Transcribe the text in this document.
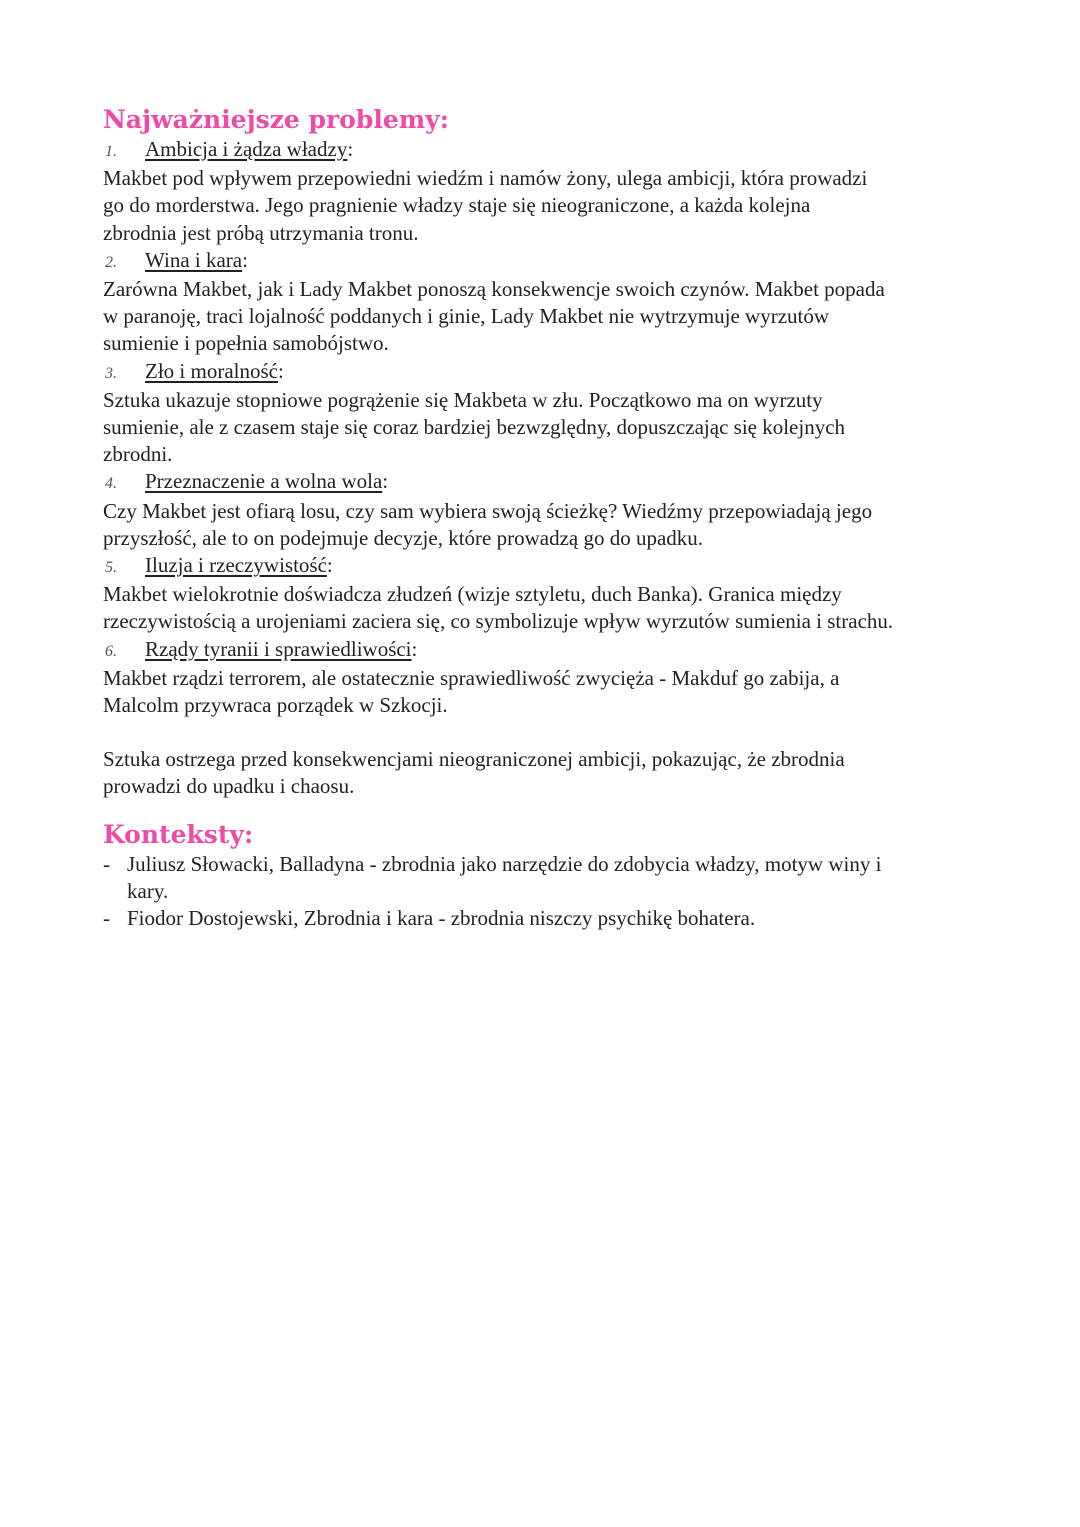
Najważniejsze problemy:

1.	Ambicja i żądza władzy :

Makbet pod wpływem przepowiedni wiedźm i namów żony, ulega ambicji, która prowadzi
go do morderstwa. Jego pragnienie władzy staje się nieograniczone, a każda kolejna
zbrodnia jest próbą utrzymania tronu.

2.	Wina i kara :

Zarówna Makbet, jak i Lady Makbet ponoszą konsekwencje swoich czynów. Makbet popada
w paranoję, traci lojalność poddanych i ginie, Lady Makbet nie wytrzymuje wyrzutów
sumienie i popełnia samobójstwo.

3.	Zło i moralność :

Sztuka ukazuje stopniowe pogrążenie się Makbeta w złu. Początkowo ma on wyrzuty
sumienie, ale z czasem staje się coraz bardziej bezwzględny, dopuszczając się kolejnych
zbrodni.

4.	Przeznaczenie a wolna wola :

Czy Makbet jest ofiarą losu, czy sam wybiera swoją ścieżkę? Wiedźmy przepowiadają jego
przyszłość, ale to on podejmuje decyzje, które prowadzą go do upadku.

5.	Iluzja i rzeczywistość :

Makbet wielokrotnie doświadcza złudzeń (wizje sztyletu, duch Banka). Granica między
rzeczywistością a urojeniami zaciera się, co symbolizuje wpływ wyrzutów sumienia i strachu.

6.	Rządy tyranii i sprawiedliwości :

Makbet rządzi terrorem, ale ostatecznie sprawiedliwość zwycięża - Makduf go zabija, a
Malcolm przywraca porządek w Szkocji.

Sztuka ostrzega przed konsekwencjami nieograniczonej ambicji, pokazując, że zbrodnia
prowadzi do upadku i chaosu.

Konteksty:
- Juliusz Słowacki, Balladyna - zbrodnia jako narzędzie do zdobycia władzy, motyw winy i
kary.
- Fiodor Dostojewski, Zbrodnia i kara - zbrodnia niszczy psychikę bohatera.
